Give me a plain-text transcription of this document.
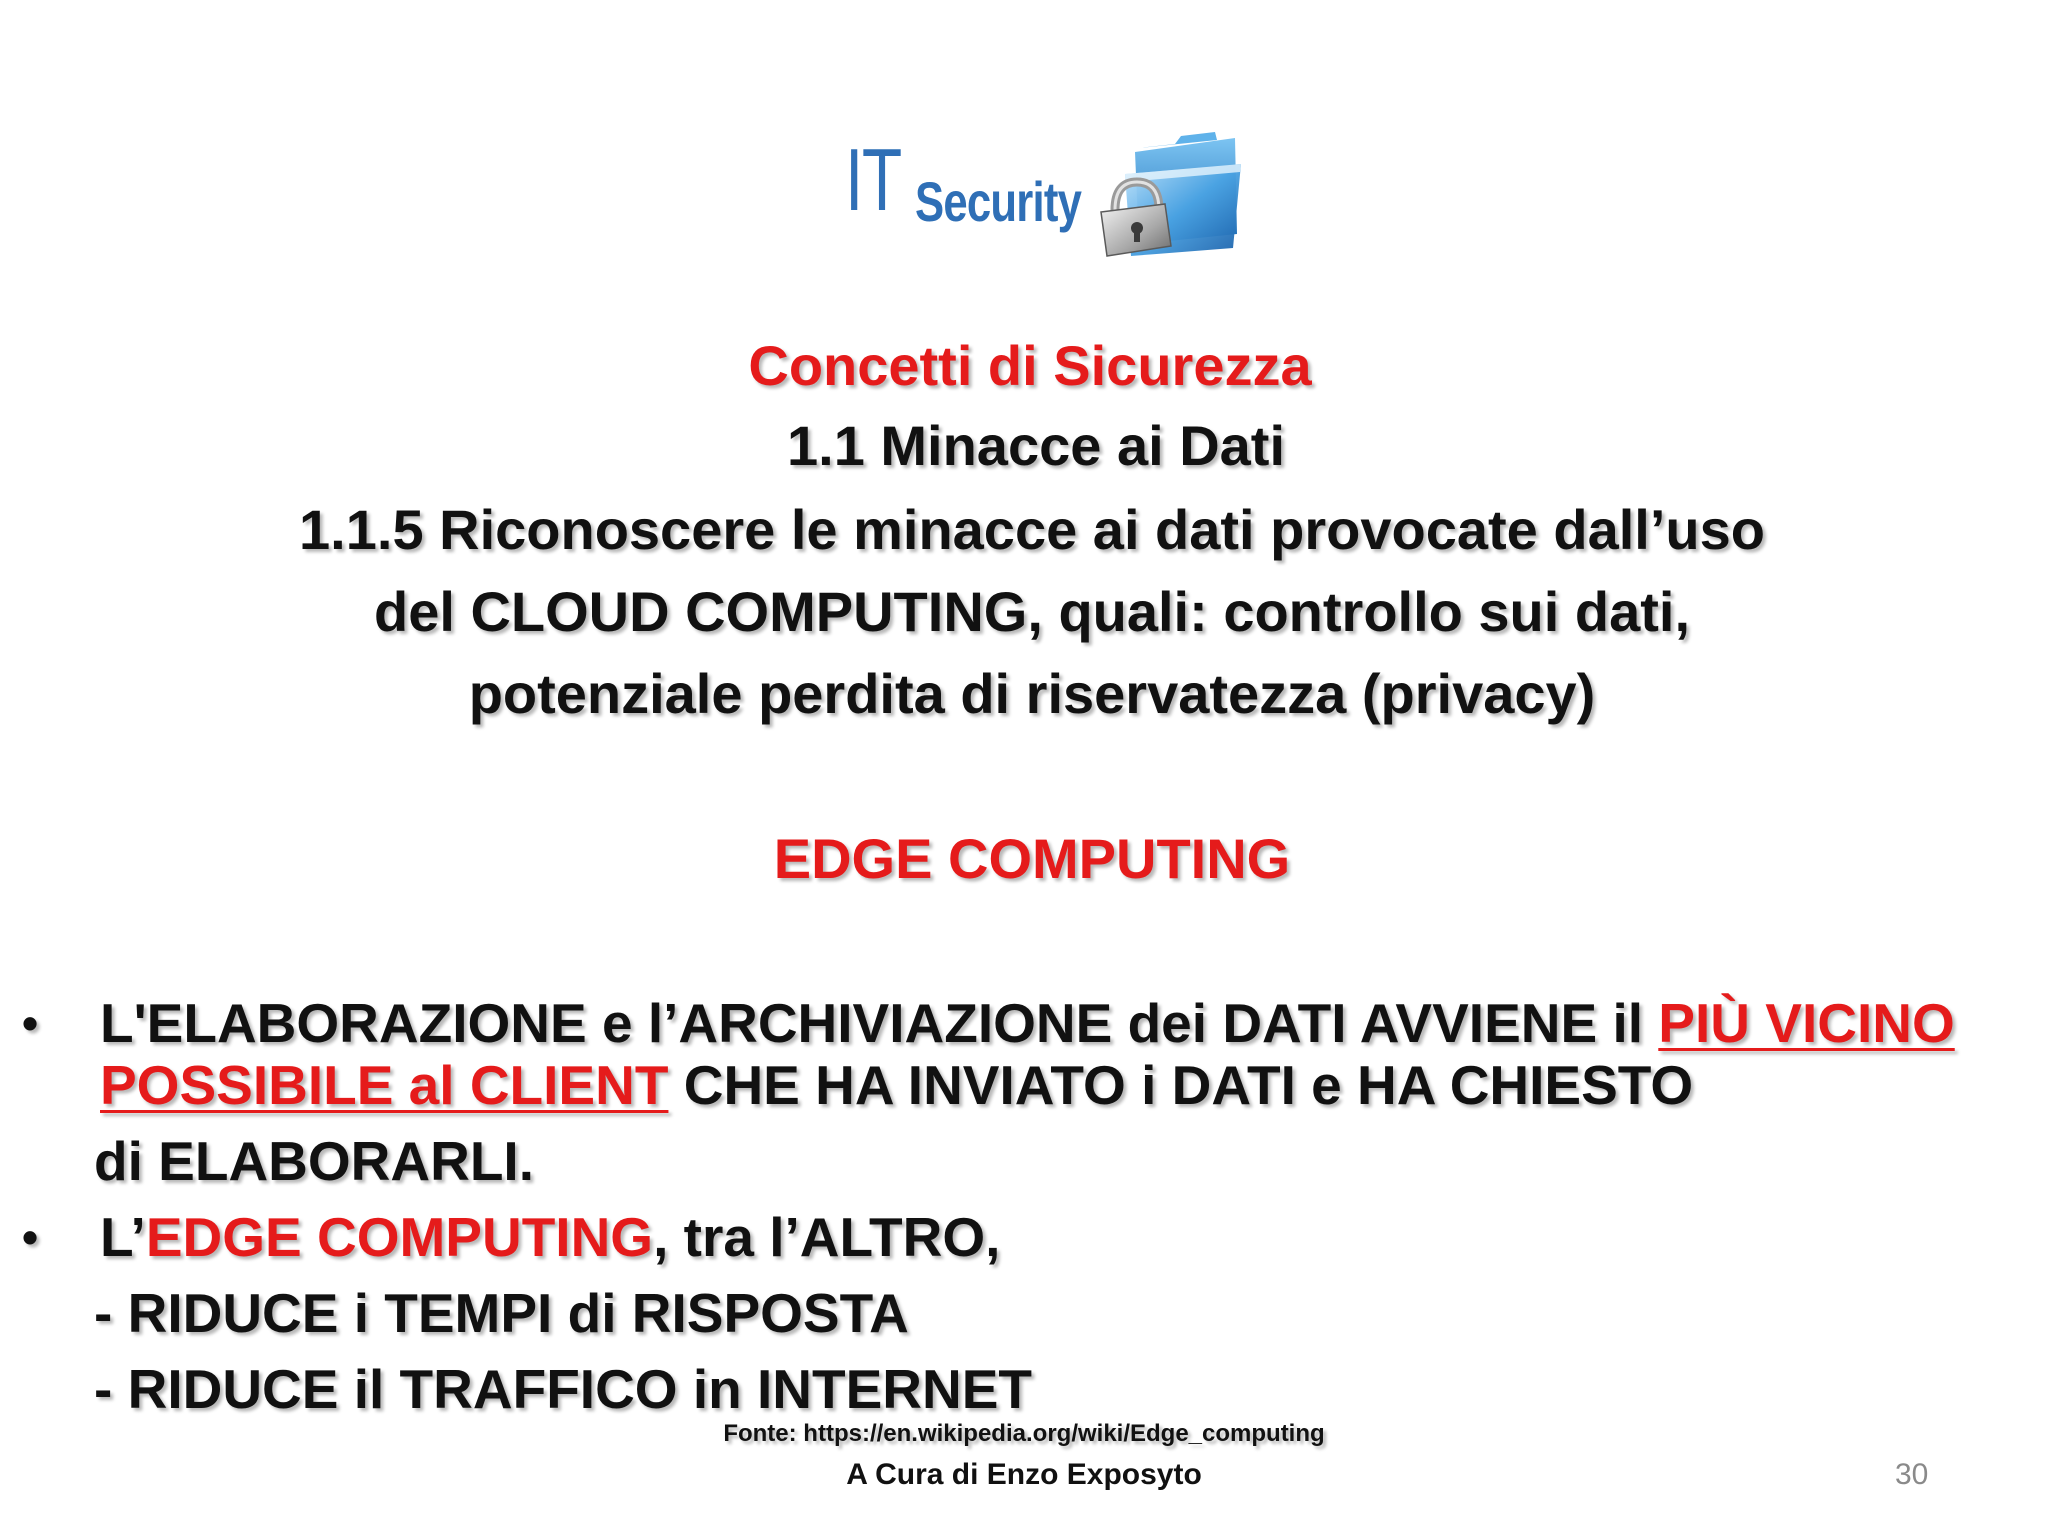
IT Security
Concetti di Sicurezza
1.1 Minacce ai Dati
1.1.5 Riconoscere le minacce ai dati provocate dall’uso
del CLOUD COMPUTING, quali: controllo sui dati,
potenziale perdita di riservatezza (privacy)
EDGE COMPUTING
• L'ELABORAZIONE e l’ARCHIVIAZIONE dei DATI AVVIENE il PIÙ VICINO
POSSIBILE al CLIENT CHE HA INVIATO i DATI e HA CHIESTO
di ELABORARLI.
• L’EDGE COMPUTING, tra l’ALTRO,
- RIDUCE i TEMPI di RISPOSTA
- RIDUCE il TRAFFICO in INTERNET
Fonte: https://en.wikipedia.org/wiki/Edge_computing
A Cura di Enzo Exposyto	30
